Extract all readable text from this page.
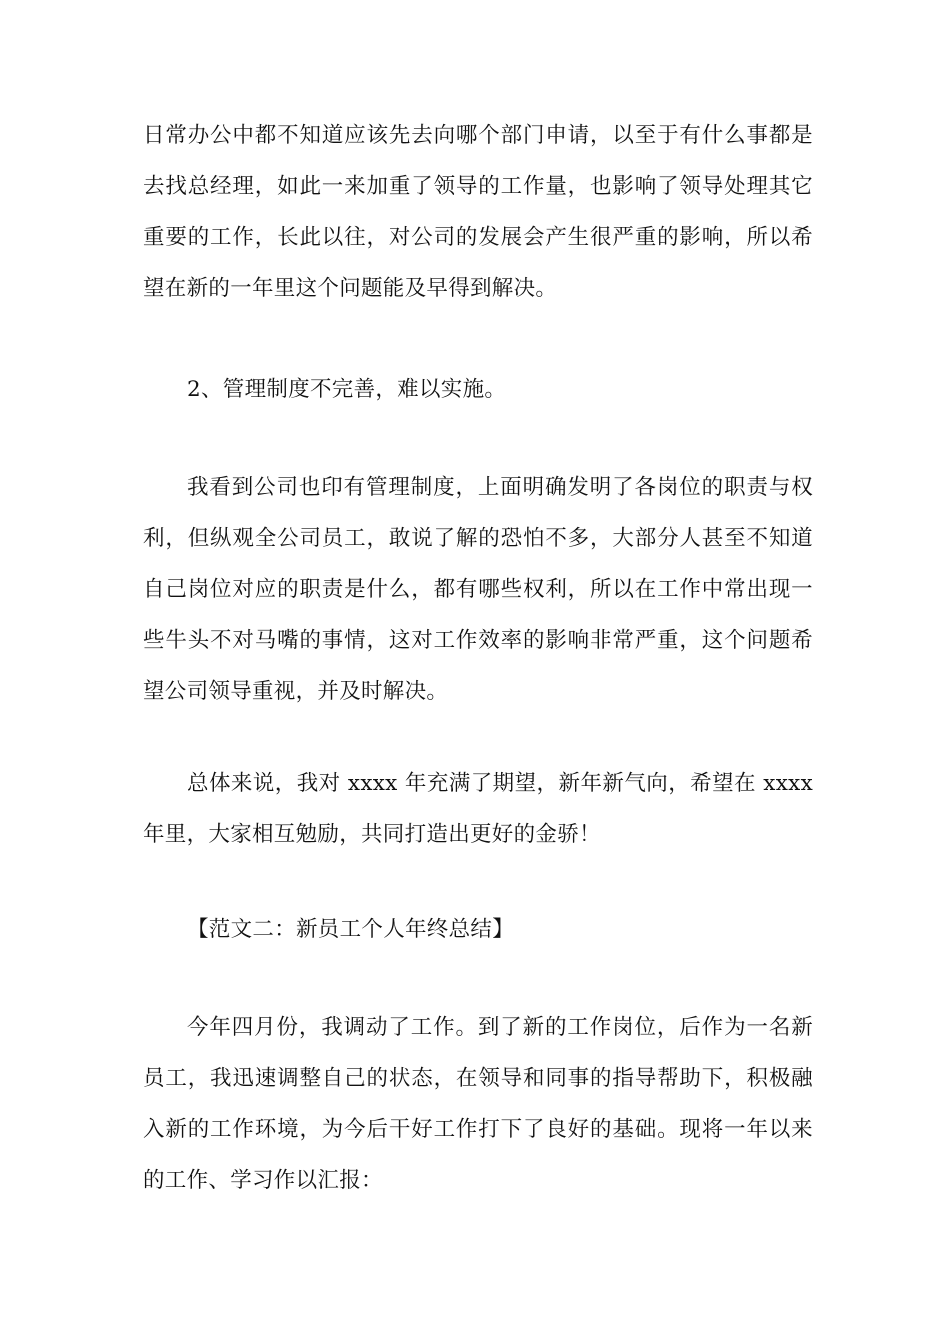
日常办公中都不知道应该先去向哪个部门申请，以至于有什么事都是去找总经理，如此一来加重了领导的工作量，也影响了领导处理其它重要的工作，长此以往，对公司的发展会产生很严重的影响，所以希望在新的一年里这个问题能及早得到解决。

2、管理制度不完善，难以实施。

我看到公司也印有管理制度，上面明确发明了各岗位的职责与权利，但纵观全公司员工，敢说了解的恐怕不多，大部分人甚至不知道自己岗位对应的职责是什么，都有哪些权利，所以在工作中常出现一些牛头不对马嘴的事情，这对工作效率的影响非常严重，这个问题希望公司领导重视，并及时解决。

总体来说，我对 xxxx 年充满了期望，新年新气向，希望在 xxxx 年里，大家相互勉励，共同打造出更好的金骄！

【范文二：新员工个人年终总结】

今年四月份，我调动了工作。到了新的工作岗位，后作为一名新员工，我迅速调整自己的状态，在领导和同事的指导帮助下，积极融入新的工作环境，为今后干好工作打下了良好的基础。现将一年以来的工作、学习作以汇报：
